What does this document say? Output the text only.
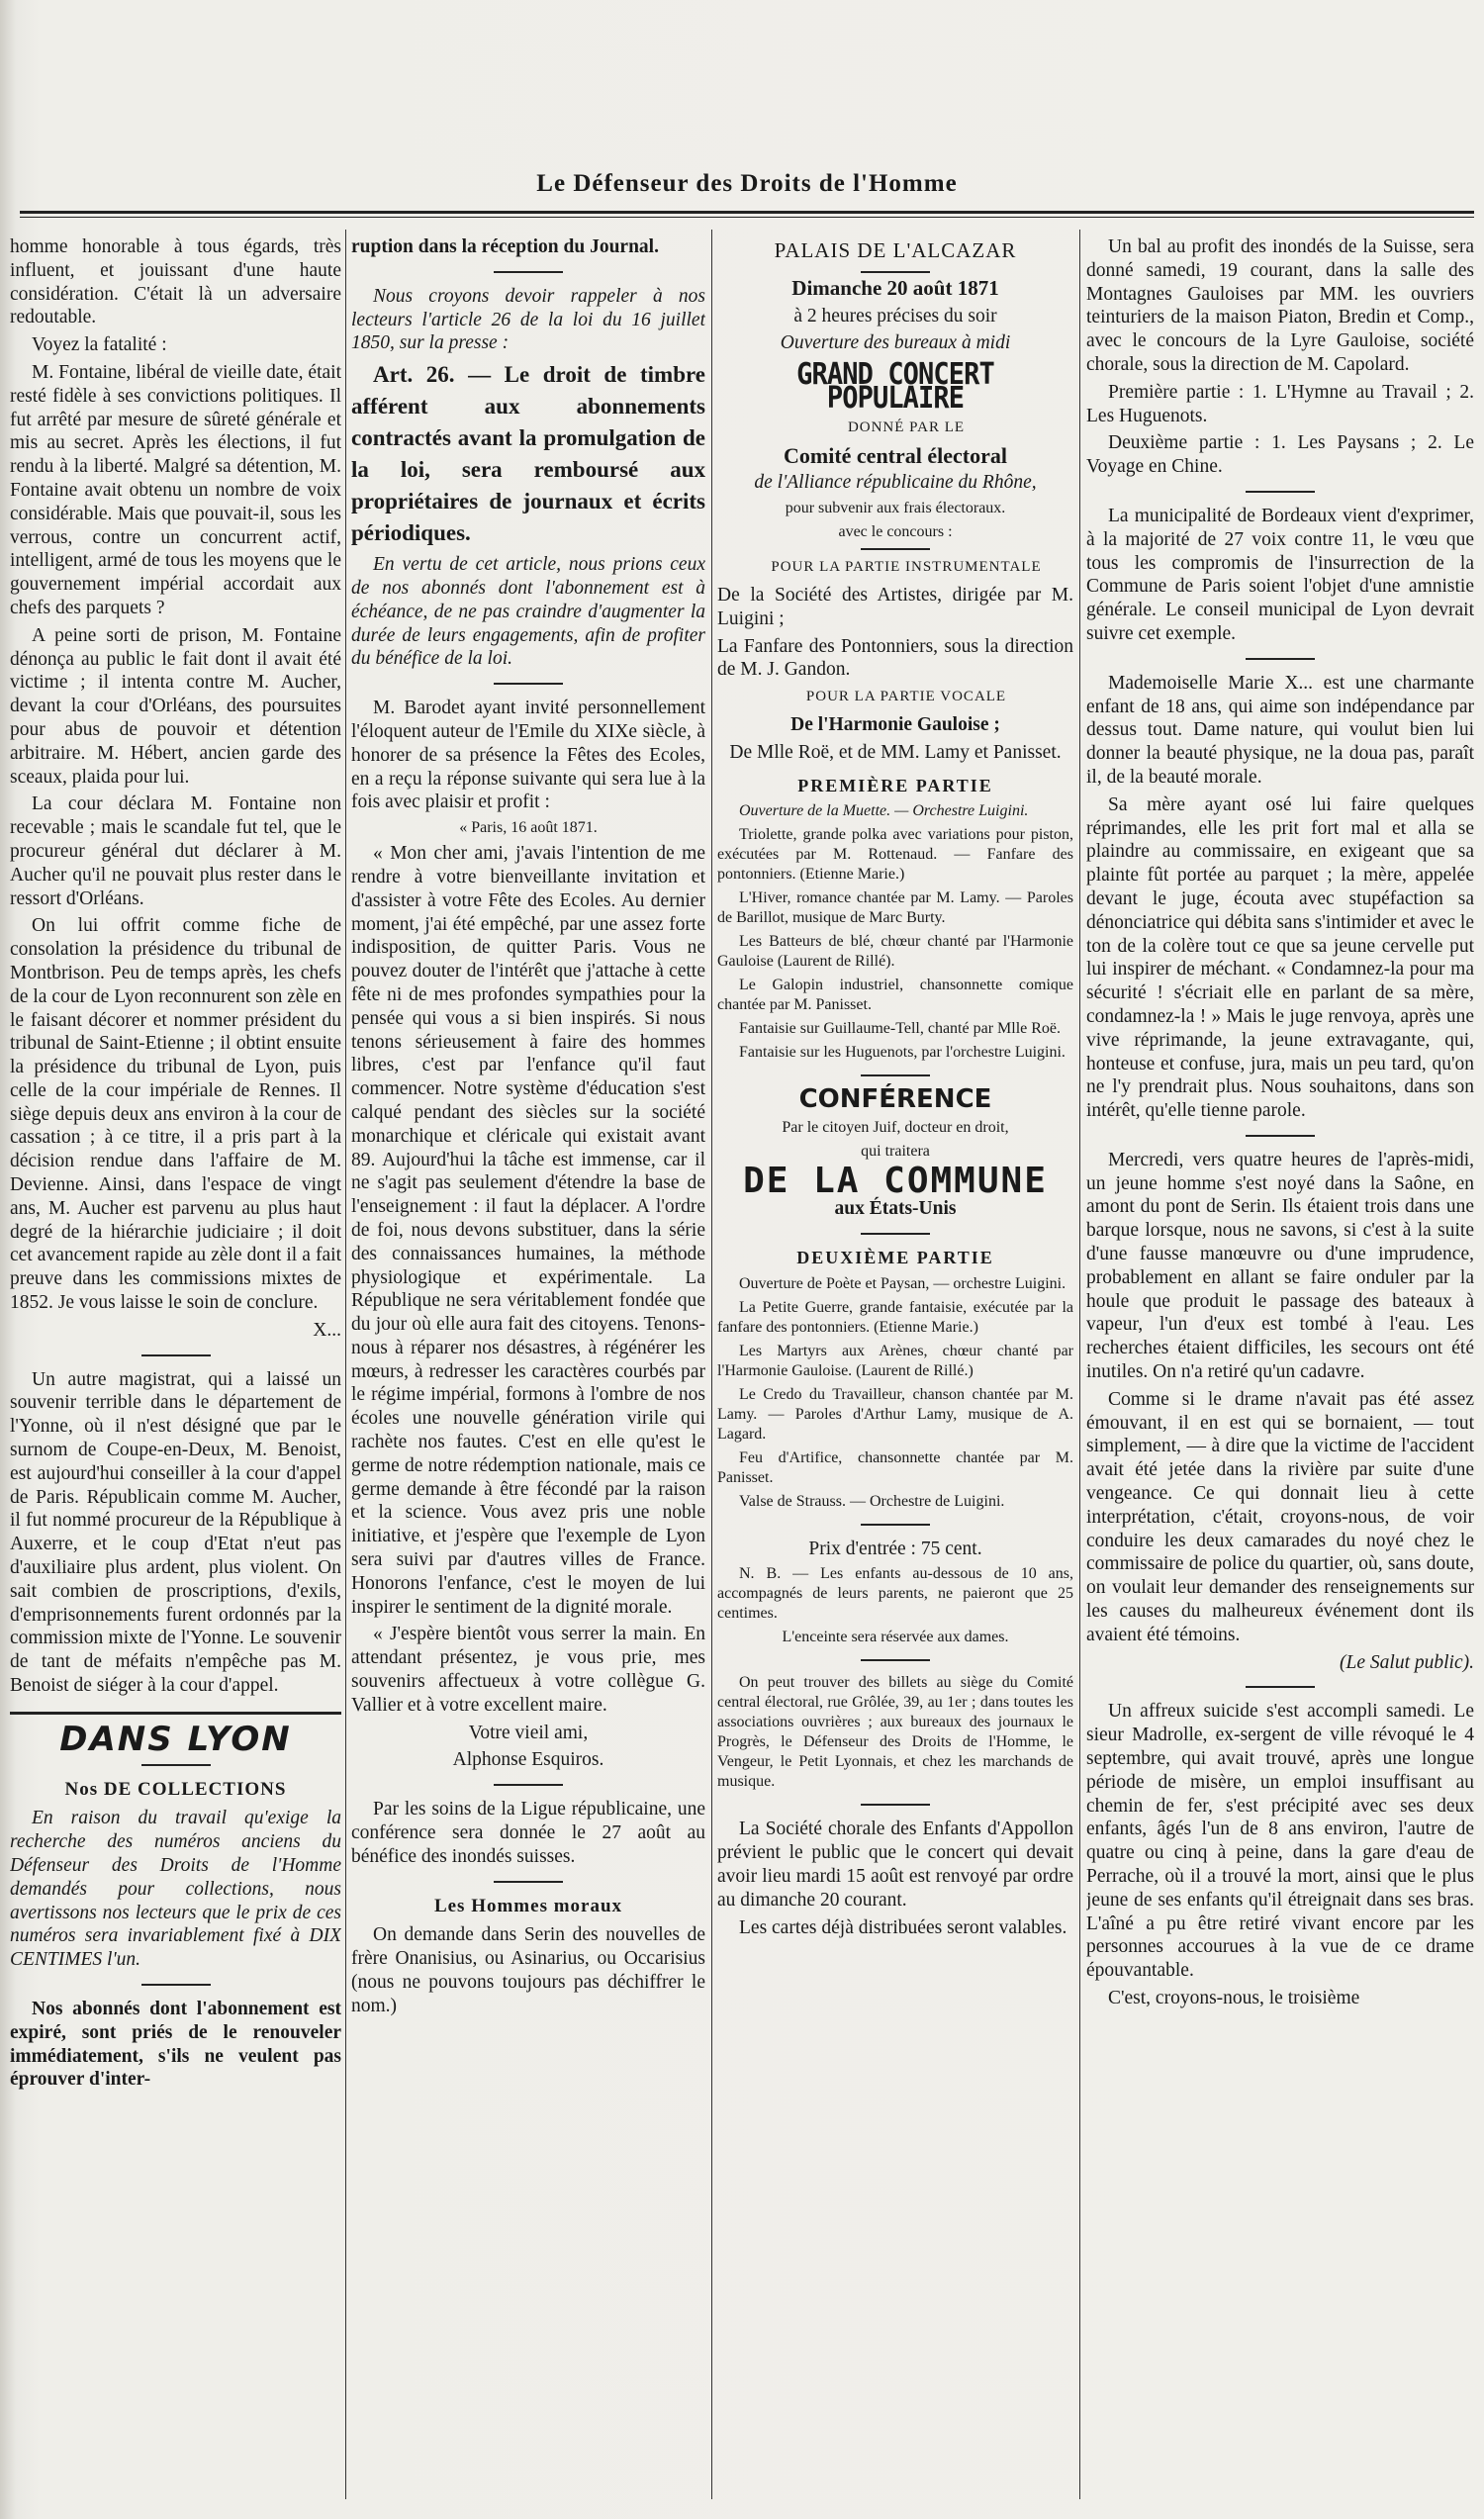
Le Défenseur des Droits de l'Homme

homme honorable à tous égards, très influent, et jouissant d'une haute considération. C'était là un adversaire redoutable.

Voyez la fatalité :

M. Fontaine, libéral de vieille date, était resté fidèle à ses convictions politiques. Il fut arrêté par mesure de sûreté générale et mis au secret. Après les élections, il fut rendu à la liberté. Malgré sa détention, M. Fontaine avait obtenu un nombre de voix considérable. Mais que pouvait-il, sous les verrous, contre un concurrent actif, intelligent, armé de tous les moyens que le gouvernement impérial accordait aux chefs des parquets ?

A peine sorti de prison, M. Fontaine dénonça au public le fait dont il avait été victime ; il intenta contre M. Aucher, devant la cour d'Orléans, des poursuites pour abus de pouvoir et détention arbitraire. M. Hébert, ancien garde des sceaux, plaida pour lui.

La cour déclara M. Fontaine non recevable ; mais le scandale fut tel, que le procureur général dut déclarer à M. Aucher qu'il ne pouvait plus rester dans le ressort d'Orléans.

On lui offrit comme fiche de consolation la présidence du tribunal de Montbrison. Peu de temps après, les chefs de la cour de Lyon reconnurent son zèle en le faisant décorer et nommer président du tribunal de Saint-Etienne ; il obtint ensuite la présidence du tribunal de Lyon, puis celle de la cour impériale de Rennes. Il siège depuis deux ans environ à la cour de cassation ; à ce titre, il a pris part à la décision rendue dans l'affaire de M. Devienne. Ainsi, dans l'espace de vingt ans, M. Aucher est parvenu au plus haut degré de la hiérarchie judiciaire ; il doit cet avancement rapide au zèle dont il a fait preuve dans les commissions mixtes de 1852. Je vous laisse le soin de conclure.

X...

Un autre magistrat, qui a laissé un souvenir terrible dans le département de l'Yonne, où il n'est désigné que par le surnom de Coupe-en-Deux, M. Benoist, est aujourd'hui conseiller à la cour d'appel de Paris. Républicain comme M. Aucher, il fut nommé procureur de la République à Auxerre, et le coup d'Etat n'eut pas d'auxiliaire plus ardent, plus violent. On sait combien de proscriptions, d'exils, d'emprisonnements furent ordonnés par la commission mixte de l'Yonne. Le souvenir de tant de méfaits n'empêche pas M. Benoist de siéger à la cour d'appel.

DANS LYON
Nos DE COLLECTIONS

En raison du travail qu'exige la recherche des numéros anciens du Défenseur des Droits de l'Homme demandés pour collections, nous avertissons nos lecteurs que le prix de ces numéros sera invariablement fixé à DIX CENTIMES l'un.

Nos abonnés dont l'abonnement est expiré, sont priés de le renouveler immédiatement, s'ils ne veulent pas éprouver d'inter-

ruption dans la réception du Journal.

Nous croyons devoir rappeler à nos lecteurs l'article 26 de la loi du 16 juillet 1850, sur la presse :

Art. 26. — Le droit de timbre afférent aux abonnements contractés avant la promulgation de la loi, sera remboursé aux propriétaires de journaux et écrits périodiques.

En vertu de cet article, nous prions ceux de nos abonnés dont l'abonnement est à échéance, de ne pas craindre d'augmenter la durée de leurs engagements, afin de profiter du bénéfice de la loi.

M. Barodet ayant invité personnellement l'éloquent auteur de l'Emile du XIXe siècle, à honorer de sa présence la Fêtes des Ecoles, en a reçu la réponse suivante qui sera lue à la fois avec plaisir et profit :

« Paris, 16 août 1871.

« Mon cher ami, j'avais l'intention de me rendre à votre bienveillante invitation et d'assister à votre Fête des Ecoles. Au dernier moment, j'ai été empêché, par une assez forte indisposition, de quitter Paris. Vous ne pouvez douter de l'intérêt que j'attache à cette fête ni de mes profondes sympathies pour la pensée qui vous a si bien inspirés. Si nous tenons sérieusement à faire des hommes libres, c'est par l'enfance qu'il faut commencer. Notre système d'éducation s'est calqué pendant des siècles sur la société monarchique et cléricale qui existait avant 89. Aujourd'hui la tâche est immense, car il ne s'agit pas seulement d'étendre la base de l'enseignement : il faut la déplacer. A l'ordre de foi, nous devons substituer, dans la série des connaissances humaines, la méthode physiologique et expérimentale. La République ne sera véritablement fondée que du jour où elle aura fait des citoyens. Tenons-nous à réparer nos désastres, à régénérer les mœurs, à redresser les caractères courbés par le régime impérial, formons à l'ombre de nos écoles une nouvelle génération virile qui rachète nos fautes. C'est en elle qu'est le germe de notre rédemption nationale, mais ce germe demande à être fécondé par la raison et la science. Vous avez pris une noble initiative, et j'espère que l'exemple de Lyon sera suivi par d'autres villes de France. Honorons l'enfance, c'est le moyen de lui inspirer le sentiment de la dignité morale.

« J'espère bientôt vous serrer la main. En attendant présentez, je vous prie, mes souvenirs affectueux à votre collègue G. Vallier et à votre excellent maire.

Votre vieil ami,

Alphonse Esquiros.

Par les soins de la Ligue républicaine, une conférence sera donnée le 27 août au bénéfice des inondés suisses.

Les Hommes moraux

On demande dans Serin des nouvelles de frère Onanisius, ou Asinarius, ou Occarisius (nous ne pouvons toujours pas déchiffrer le nom.)

PALAIS DE L'ALCAZAR

Dimanche 20 août 1871

à 2 heures précises du soir

Ouverture des bureaux à midi

GRAND CONCERT POPULAIRE

DONNÉ PAR LE

Comité central électoral

de l'Alliance républicaine du Rhône,

pour subvenir aux frais électoraux.

avec le concours :

POUR LA PARTIE INSTRUMENTALE

De la Société des Artistes, dirigée par M. Luigini ;

La Fanfare des Pontonniers, sous la direction de M. J. Gandon.

POUR LA PARTIE VOCALE

De l'Harmonie Gauloise ;

De Mlle Roë, et de MM. Lamy et Panisset.

PREMIÈRE PARTIE

Ouverture de la Muette. — Orchestre Luigini.

Triolette, grande polka avec variations pour piston, exécutées par M. Rottenaud. — Fanfare des pontonniers. (Etienne Marie.)

L'Hiver, romance chantée par M. Lamy. — Paroles de Barillot, musique de Marc Burty.

Les Batteurs de blé, chœur chanté par l'Harmonie Gauloise (Laurent de Rillé).

Le Galopin industriel, chansonnette comique chantée par M. Panisset.

Fantaisie sur Guillaume-Tell, chanté par Mlle Roë.

Fantaisie sur les Huguenots, par l'orchestre Luigini.

CONFÉRENCE

Par le citoyen Juif, docteur en droit,

qui traitera

DE LA COMMUNE

aux États-Unis

DEUXIÈME PARTIE

Ouverture de Poète et Paysan, — orchestre Luigini.

La Petite Guerre, grande fantaisie, exécutée par la fanfare des pontonniers. (Etienne Marie.)

Les Martyrs aux Arènes, chœur chanté par l'Harmonie Gauloise. (Laurent de Rillé.)

Le Credo du Travailleur, chanson chantée par M. Lamy. — Paroles d'Arthur Lamy, musique de A. Lagard.

Feu d'Artifice, chansonnette chantée par M. Panisset.

Valse de Strauss. — Orchestre de Luigini.

Prix d'entrée : 75 cent.

N. B. — Les enfants au-dessous de 10 ans, accompagnés de leurs parents, ne paieront que 25 centimes.

L'enceinte sera réservée aux dames.

On peut trouver des billets au siège du Comité central électoral, rue Grôlée, 39, au 1er ; dans toutes les associations ouvrières ; aux bureaux des journaux le Progrès, le Défenseur des Droits de l'Homme, le Vengeur, le Petit Lyonnais, et chez les marchands de musique.

La Société chorale des Enfants d'Appollon prévient le public que le concert qui devait avoir lieu mardi 15 août est renvoyé par ordre au dimanche 20 courant.

Les cartes déjà distribuées seront valables.

Un bal au profit des inondés de la Suisse, sera donné samedi, 19 courant, dans la salle des Montagnes Gauloises par MM. les ouvriers teinturiers de la maison Piaton, Bredin et Comp., avec le concours de la Lyre Gauloise, société chorale, sous la direction de M. Capolard.

Première partie : 1. L'Hymne au Travail ; 2. Les Huguenots.

Deuxième partie : 1. Les Paysans ; 2. Le Voyage en Chine.

La municipalité de Bordeaux vient d'exprimer, à la majorité de 27 voix contre 11, le vœu que tous les compromis de l'insurrection de la Commune de Paris soient l'objet d'une amnistie générale. Le conseil municipal de Lyon devrait suivre cet exemple.

Mademoiselle Marie X... est une charmante enfant de 18 ans, qui aime son indépendance par dessus tout. Dame nature, qui voulut bien lui donner la beauté physique, ne la doua pas, paraît il, de la beauté morale.

Sa mère ayant osé lui faire quelques réprimandes, elle les prit fort mal et alla se plaindre au commissaire, en exigeant que sa plainte fût portée au parquet ; la mère, appelée devant le juge, écouta avec stupéfaction sa dénonciatrice qui débita sans s'intimider et avec le ton de la colère tout ce que sa jeune cervelle put lui inspirer de méchant. « Condamnez-la pour ma sécurité ! s'écriait elle en parlant de sa mère, condamnez-la ! » Mais le juge renvoya, après une vive réprimande, la jeune extravagante, qui, honteuse et confuse, jura, mais un peu tard, qu'on ne l'y prendrait plus. Nous souhaitons, dans son intérêt, qu'elle tienne parole.

Mercredi, vers quatre heures de l'après-midi, un jeune homme s'est noyé dans la Saône, en amont du pont de Serin. Ils étaient trois dans une barque lorsque, nous ne savons, si c'est à la suite d'une fausse manœuvre ou d'une imprudence, probablement en allant se faire onduler par la houle que produit le passage des bateaux à vapeur, l'un d'eux est tombé à l'eau. Les recherches étaient difficiles, les secours ont été inutiles. On n'a retiré qu'un cadavre.

Comme si le drame n'avait pas été assez émouvant, il en est qui se bornaient, — tout simplement, — à dire que la victime de l'accident avait été jetée dans la rivière par suite d'une vengeance. Ce qui donnait lieu à cette interprétation, c'était, croyons-nous, de voir conduire les deux camarades du noyé chez le commissaire de police du quartier, où, sans doute, on voulait leur demander des renseignements sur les causes du malheureux événement dont ils avaient été témoins.

(Le Salut public).

Un affreux suicide s'est accompli samedi. Le sieur Madrolle, ex-sergent de ville révoqué le 4 septembre, qui avait trouvé, après une longue période de misère, un emploi insuffisant au chemin de fer, s'est précipité avec ses deux enfants, âgés l'un de 8 ans environ, l'autre de quatre ou cinq à peine, dans la gare d'eau de Perrache, où il a trouvé la mort, ainsi que le plus jeune de ses enfants qu'il étreignait dans ses bras. L'aîné a pu être retiré vivant encore par les personnes accourues à la vue de ce drame épouvantable.

C'est, croyons-nous, le troisième
